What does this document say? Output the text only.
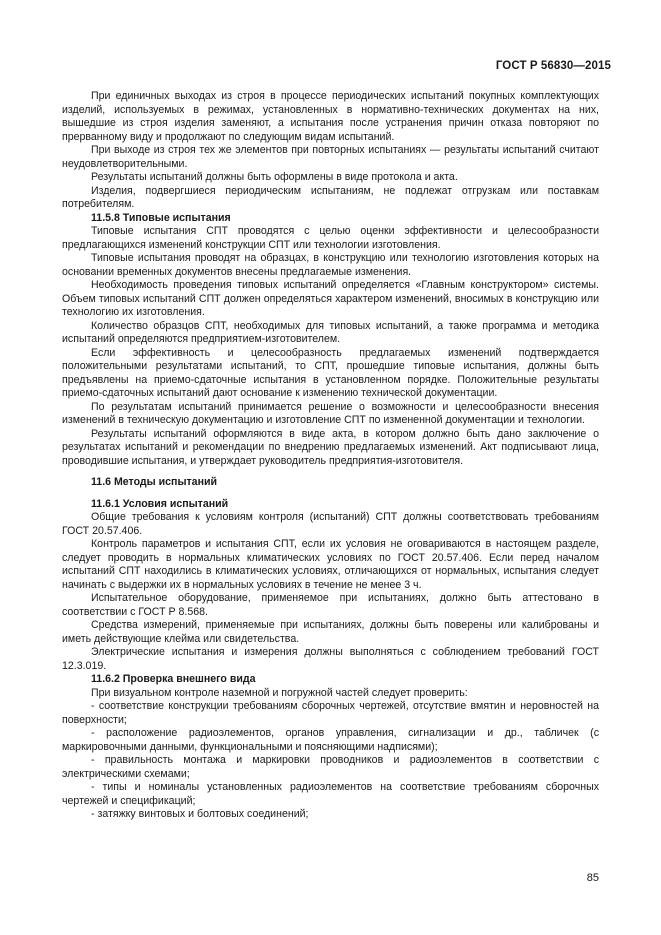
ГОСТ Р 56830—2015

При единичных выходах из строя в процессе периодических испытаний покупных комплектующих изделий, используемых в режимах, установленных в нормативно-технических документах на них, вышедшие из строя изделия заменяют, а испытания после устранения причин отказа повторяют по прерванному виду и продолжают по следующим видам испытаний.

При выходе из строя тех же элементов при повторных испытаниях — результаты испытаний считают неудовлетворительными.

Результаты испытаний должны быть оформлены в виде протокола и акта.

Изделия, подвергшиеся периодическим испытаниям, не подлежат отгрузкам или поставкам потребителям.

11.5.8 Типовые испытания

Типовые испытания СПТ проводятся с целью оценки эффективности и целесообразности предлагающихся изменений конструкции СПТ или технологии изготовления.

Типовые испытания проводят на образцах, в конструкцию или технологию изготовления которых на основании временных документов внесены предлагаемые изменения.

Необходимость проведения типовых испытаний определяется «Главным конструктором» системы. Объем типовых испытаний СПТ должен определяться характером изменений, вносимых в конструкцию или технологию их изготовления.

Количество образцов СПТ, необходимых для типовых испытаний, а также программа и методика испытаний определяются предприятием-изготовителем.

Если эффективность и целесообразность предлагаемых изменений подтверждается положительными результатами испытаний, то СПТ, прошедшие типовые испытания, должны быть предъявлены на приемо-сдаточные испытания в установленном порядке. Положительные результаты приемо-сдаточных испытаний дают основание к изменению технической документации.

По результатам испытаний принимается решение о возможности и целесообразности внесения изменений в техническую документацию и изготовление СПТ по измененной документации и технологии.

Результаты испытаний оформляются в виде акта, в котором должно быть дано заключение о результатах испытаний и рекомендации по внедрению предлагаемых изменений. Акт подписывают лица, проводившие испытания, и утверждает руководитель предприятия-изготовителя.

11.6 Методы испытаний

11.6.1 Условия испытаний

Общие требования к условиям контроля (испытаний) СПТ должны соответствовать требованиям ГОСТ 20.57.406.

Контроль параметров и испытания СПТ, если их условия не оговариваются в настоящем разделе, следует проводить в нормальных климатических условиях по ГОСТ 20.57.406. Если перед началом испытаний СПТ находились в климатических условиях, отличающихся от нормальных, испытания следует начинать с выдержки их в нормальных условиях в течение не менее 3 ч.

Испытательное оборудование, применяемое при испытаниях, должно быть аттестовано в соответствии с ГОСТ Р 8.568.

Средства измерений, применяемые при испытаниях, должны быть поверены или калиброваны и иметь действующие клейма или свидетельства.

Электрические испытания и измерения должны выполняться с соблюдением требований ГОСТ 12.3.019.

11.6.2 Проверка внешнего вида

При визуальном контроле наземной и погружной частей следует проверить:

- соответствие конструкции требованиям сборочных чертежей, отсутствие вмятин и неровностей на поверхности;

- расположение радиоэлементов, органов управления, сигнализации и др., табличек (с маркировочными данными, функциональными и поясняющими надписями);

- правильность монтажа и маркировки проводников и радиоэлементов в соответствии с электрическими схемами;

- типы и номиналы установленных радиоэлементов на соответствие требованиям сборочных чертежей и спецификаций;

- затяжку винтовых и болтовых соединений;

85
